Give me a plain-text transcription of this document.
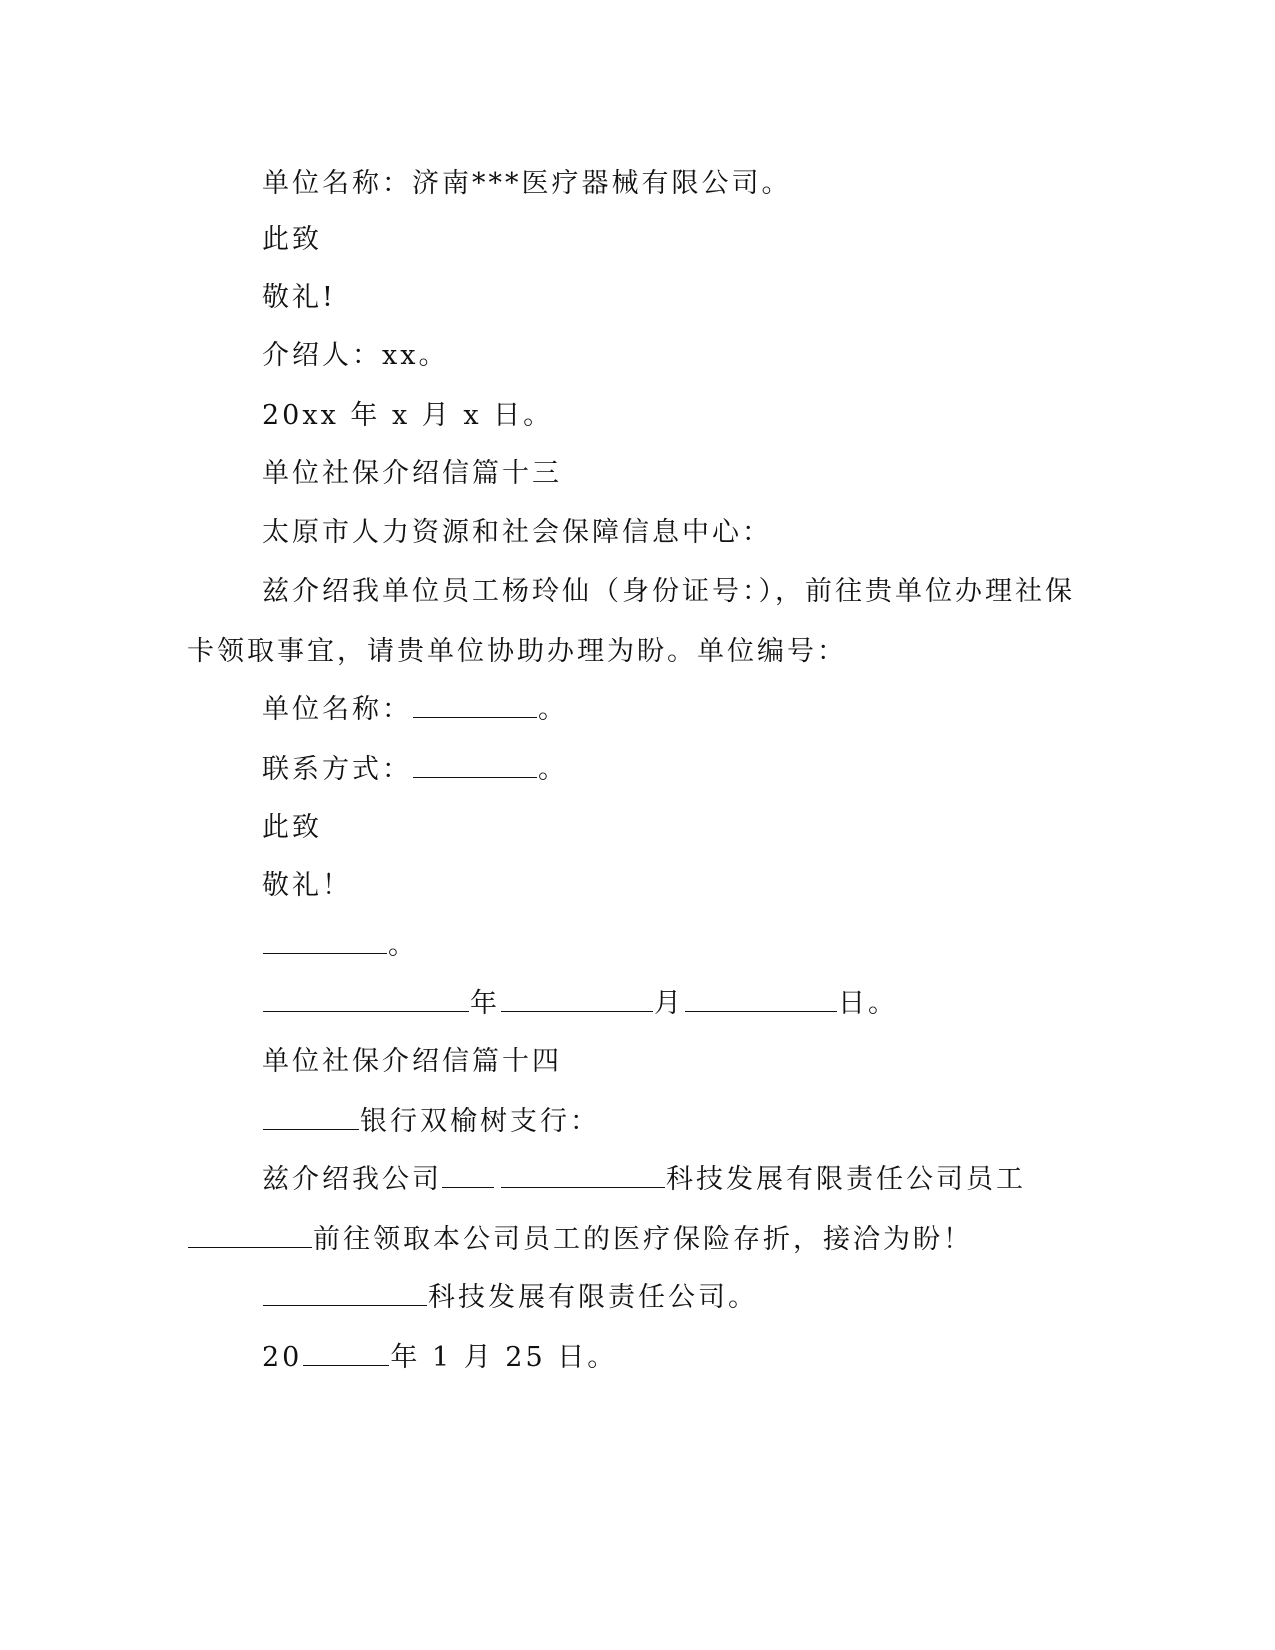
单位名称：济南***医疗器械有限公司。
此致
敬礼!
介绍人：xx。
20xx 年 x 月 x 日。
单位社保介绍信篇十三
太原市人力资源和社会保障信息中心：
兹介绍我单位员工杨玲仙（身份证号：），前往贵单位办理社保
卡领取事宜，请贵单位协助办理为盼。单位编号：
单位名称：	。
联系方式：	。
此致
敬礼！
。
年	月	日。
单位社保介绍信篇十四
银行双榆树支行：
兹介绍我公司	科技发展有限责任公司员工
前往领取本公司员工的医疗保险存折，接洽为盼！
科技发展有限责任公司。
20	年 1 月 25 日。
